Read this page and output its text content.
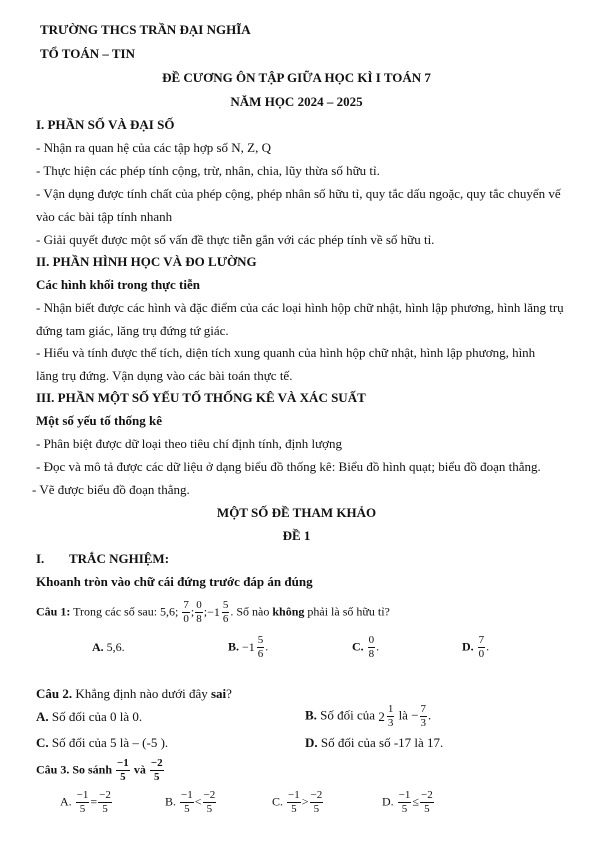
TRƯỜNG THCS TRẦN ĐẠI NGHĨA
TỔ TOÁN – TIN
ĐỀ CƯƠNG ÔN TẬP GIỮA HỌC KÌ I TOÁN 7
NĂM HỌC 2024 – 2025
I. PHẦN SỐ VÀ ĐẠI SỐ
- Nhận ra quan hệ của các tập hợp số N, Z, Q
- Thực hiện các phép tính cộng, trừ, nhân, chia, lũy thừa số hữu tỉ.
- Vận dụng được tính chất của phép cộng, phép nhân số hữu tỉ, quy tắc dấu ngoặc, quy tắc chuyển vế
vào các bài tập tính nhanh
- Giải quyết được một số vấn đề thực tiễn gắn với các phép tính về số hữu tỉ.
II. PHẦN HÌNH HỌC VÀ ĐO LƯỜNG
Các hình khối trong thực tiễn
- Nhận biết được các hình và đặc điểm của các loại hình hộp chữ nhật, hình lập phương, hình lăng trụ
đứng tam giác, lăng trụ đứng tứ giác.
- Hiểu và tính được thể tích, diện tích xung quanh của hình hộp chữ nhật, hình lập phương, hình
lăng trụ đứng. Vận dụng vào các bài toán thực tế.
III. PHẦN MỘT SỐ YẾU TỐ THỐNG KÊ VÀ XÁC SUẤT
Một số yếu tố thống kê
- Phân biệt được dữ loại theo tiêu chí định tính, định lượng
- Đọc và mô tả được các dữ liệu ở dạng biểu đồ thống kê: Biểu đồ hình quạt; biểu đồ đoạn thẳng.
- Vẽ được biểu đồ đoạn thẳng.
MỘT SỐ ĐỀ THAM KHẢO
ĐỀ 1
I. TRẮC NGHIỆM:
Khoanh tròn vào chữ cái đứng trước đáp án đúng
Câu 1: Trong các số sau: 5,6; $\frac{7}{0}$ ; $\frac{0}{8}$ ; $-1 \frac{5}{6}$ . Số nào không phải là số hữu tỉ?
A. 5,6.	B. $-1 \frac{5}{6}$ .	C. $\frac{0}{8}$ .	D. $\frac{7}{0}$ .
Câu 2. Khẳng định nào dưới đây sai?
A. Số đối của 0 là 0.	B. Số đối của $2 \frac{1}{3}$ là − $\frac{7}{3}$ .
C. Số đối của 5 là – (-5 ).	D. Số đối của số -17 là 17.
Câu 3. So sánh $\frac{-1}{5}$ và $\frac{-2}{5}$
A. $\frac{-1}{5} = \frac{-2}{5}$	B. $\frac{-1}{5} < \frac{-2}{5}$	C. $\frac{-1}{5} > \frac{-2}{5}$	D. $\frac{-1}{5} \le \frac{-2}{5}$
